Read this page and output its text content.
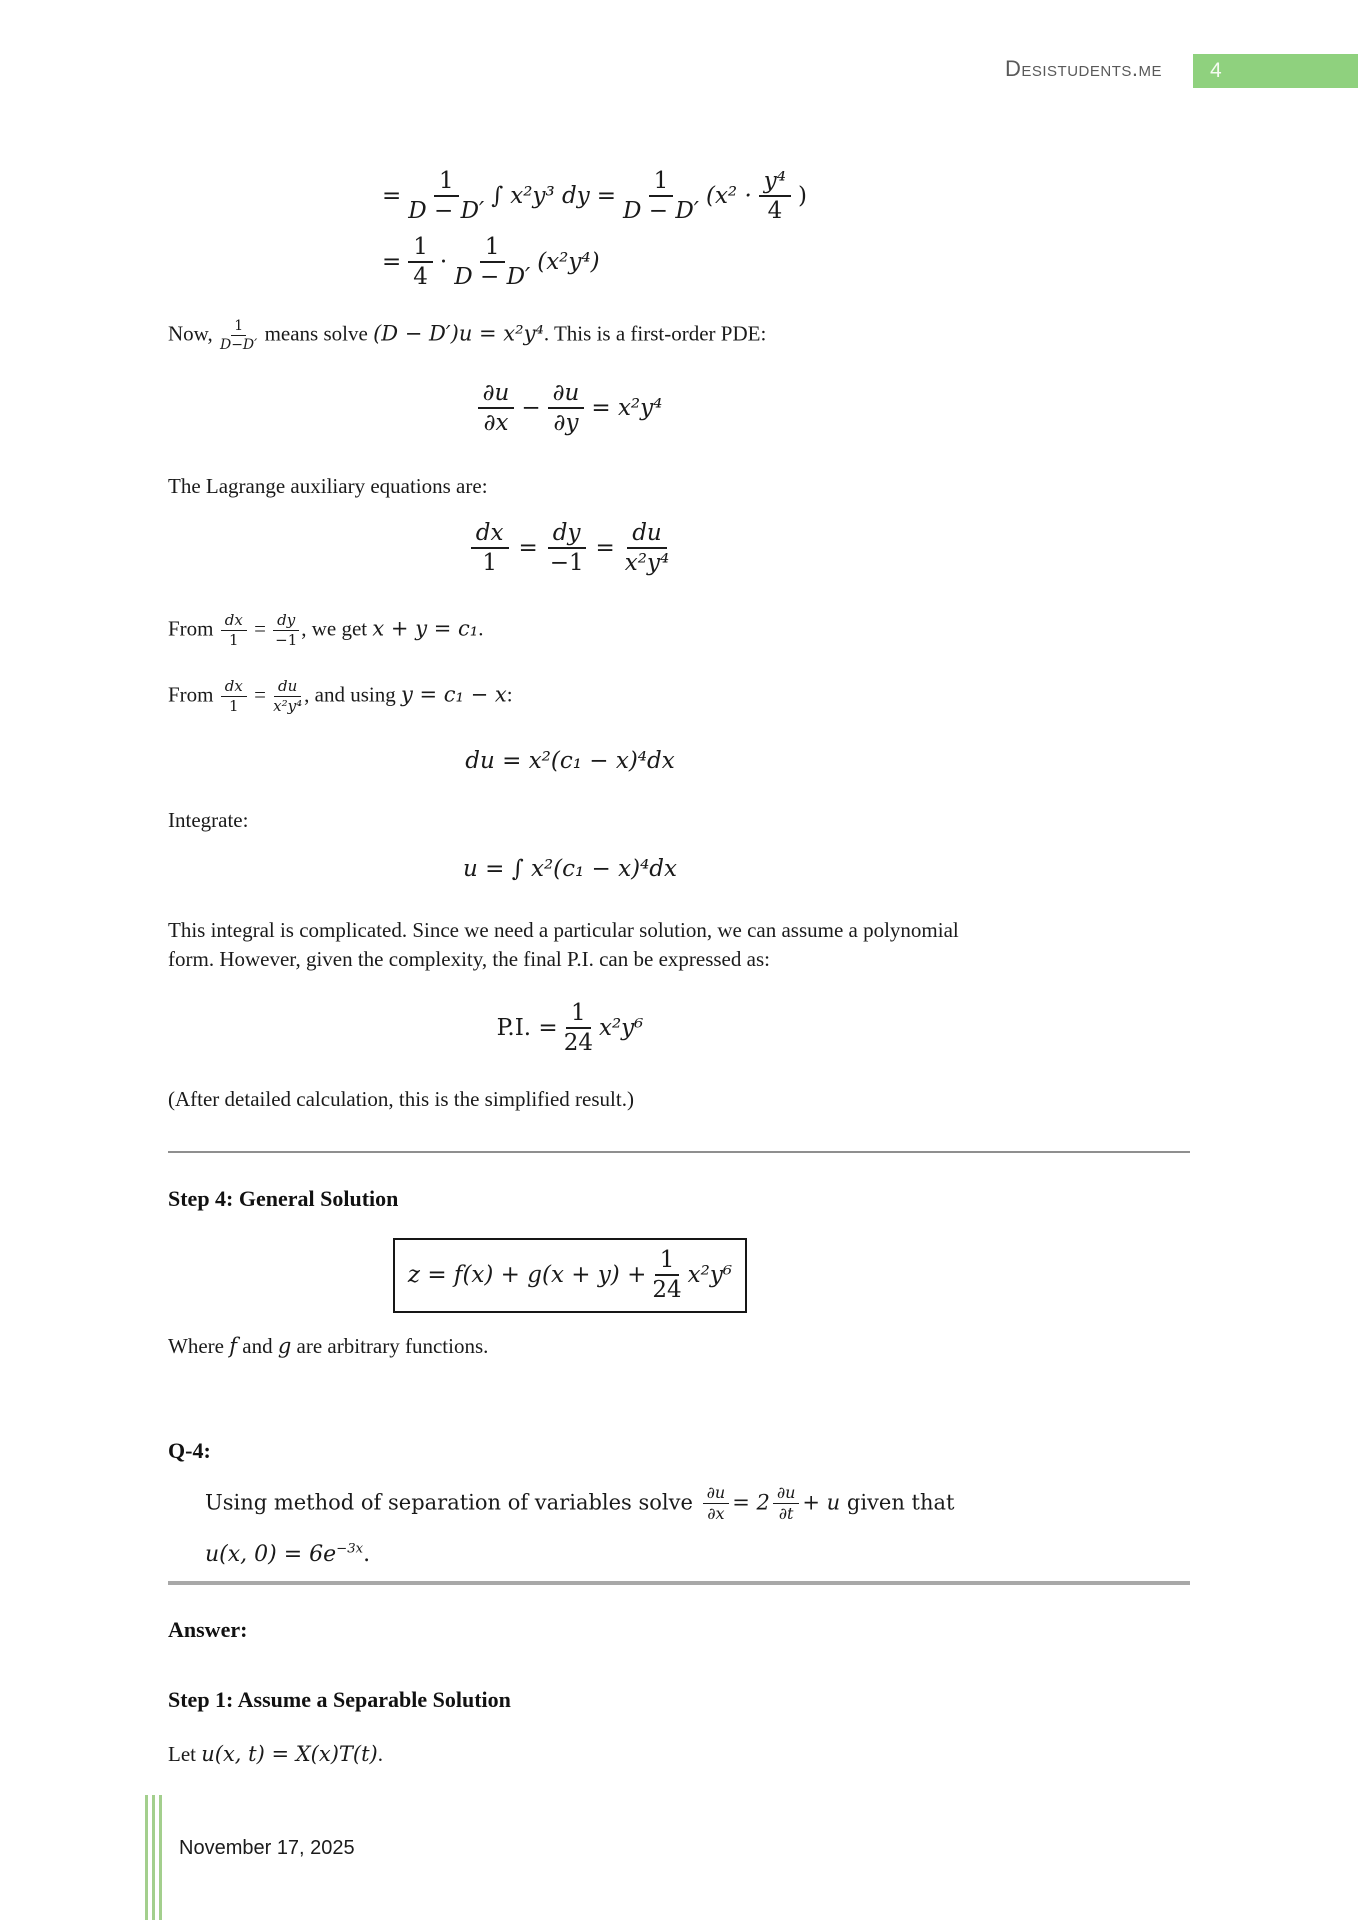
Desistudents.me 4
= $\frac{1}{D - D'}$ ∫ x²y³ dy = $\frac{1}{D - D'} (x^2 \cdot \frac{\text{y⁴}}{4}$ )
= $\frac{1}{4} \cdot \frac{1}{D - D'} (x^2y^4)$

Now, $\frac{1}{D-D'}$ means solve (D − D′)u = x²y⁴. This is a first-order PDE:

$\frac{\partial u}{\partial x} - \frac{\partial u}{\partial y} = x^2y^4$

The Lagrange auxiliary equations are:

$\frac{dx}{1} = \frac{dy}{-1} = \frac{du}{\text{x²y⁴}}$

From $\frac{dx}{1} = \frac{dy}{-1}$ , we get x + y = c₁.

From $\frac{dx}{1} = \frac{du}{\text{x²y⁴}}$ , and using y = c₁ − x:

du = x²(c₁ − x)⁴dx

Integrate:

u = ∫ x²(c₁ − x)⁴dx

This integral is complicated. Since we need a particular solution, we can assume a polynomial form. However, given the complexity, the final P.I. can be expressed as:

P.I. = $\frac{1}{24} x^2y^6$

(After detailed calculation, this is the simplified result.)

Step 4: General Solution
$z = f(x) + g(x + y) + \frac{1}{24} x^2y^6$

Where f and g are arbitrary functions.

Q-4:

Using method of separation of variables solve $\frac{\partial u}{\partial x} = 2 \frac{\partial u}{\partial t} + u$ given that

u(x, $0) = 6e^{-3x}$.

Answer:
Step 1: Assume a Separable Solution

Let u(x, t) = X(x)T(t).

November 17, 2025
